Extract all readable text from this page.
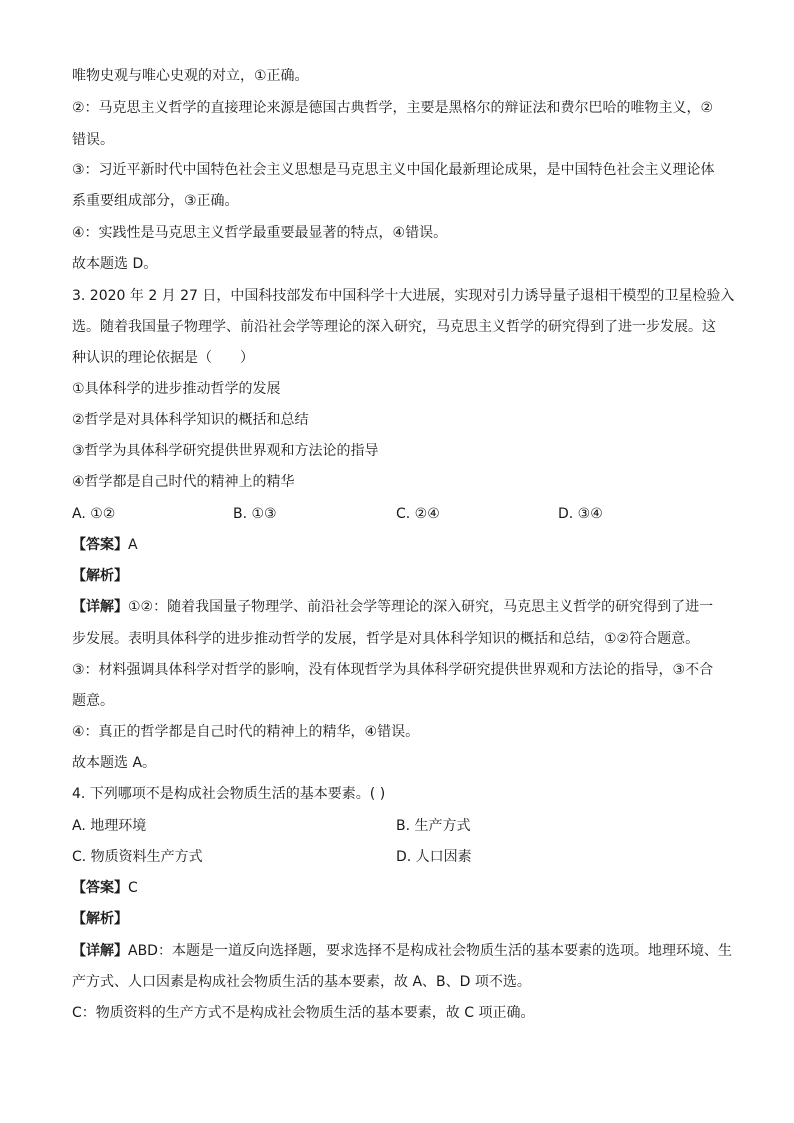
唯物史观与唯心史观的对立，①正确。
②：马克思主义哲学的直接理论来源是德国古典哲学，主要是黑格尔的辩证法和费尔巴哈的唯物主义，②
错误。
③：习近平新时代中国特色社会主义思想是马克思主义中国化最新理论成果，是中国特色社会主义理论体
系重要组成部分，③正确。
④：实践性是马克思主义哲学最重要最显著的特点，④错误。
故本题选 D。
3. 2020 年 2 月 27 日，中国科技部发布中国科学十大进展，实现对引力诱导量子退相干模型的卫星检验入
选。随着我国量子物理学、前沿社会学等理论的深入研究，马克思主义哲学的研究得到了进一步发展。这
种认识的理论依据是（　　）
①具体科学的进步推动哲学的发展
②哲学是对具体科学知识的概括和总结
③哲学为具体科学研究提供世界观和方法论的指导
④哲学都是自己时代的精神上的精华
A. ①②	B. ①③	C. ②④	D. ③④
【答案】A
【解析】
【详解】①②：随着我国量子物理学、前沿社会学等理论的深入研究，马克思主义哲学的研究得到了进一
步发展。表明具体科学的进步推动哲学的发展，哲学是对具体科学知识的概括和总结，①②符合题意。
③：材料强调具体科学对哲学的影响，没有体现哲学为具体科学研究提供世界观和方法论的指导，③不合
题意。
④：真正的哲学都是自己时代的精神上的精华，④错误。
故本题选 A。
4. 下列哪项不是构成社会物质生活的基本要素。( )
A. 地理环境	B. 生产方式
C. 物质资料生产方式	D. 人口因素
【答案】C
【解析】
【详解】ABD：本题是一道反向选择题，要求选择不是构成社会物质生活的基本要素的选项。地理环境、生
产方式、人口因素是构成社会物质生活的基本要素，故 A、B、D 项不选。
C：物质资料的生产方式不是构成社会物质生活的基本要素，故 C 项正确。
